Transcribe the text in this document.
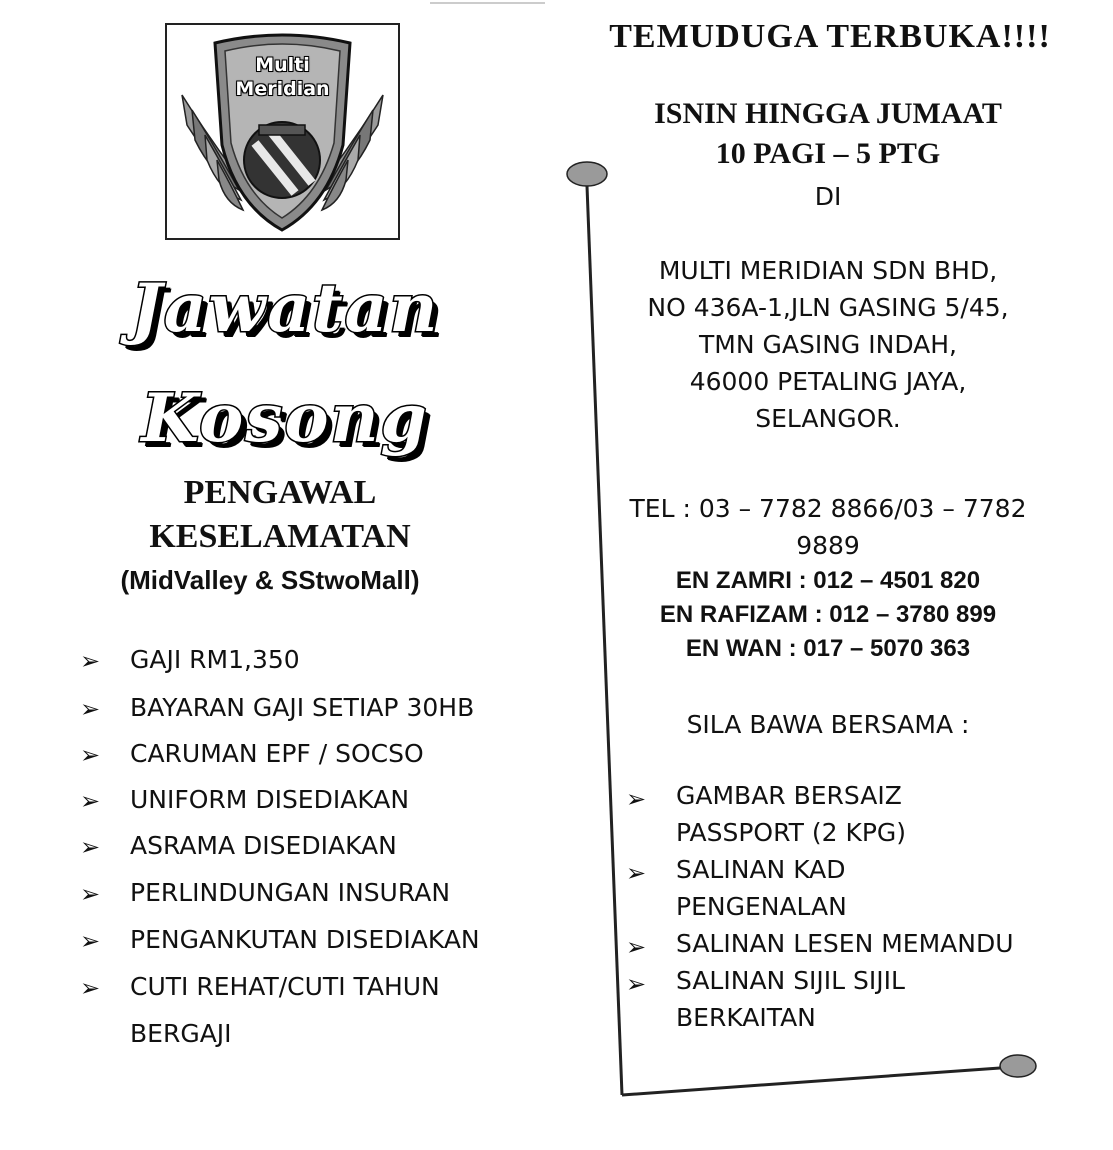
Multi
Meridian
Jawatan
Kosong
PENGAWAL
KESELAMATAN
(MidValley & SStwoMall)
➢ GAJI RM1,350
➢ BAYARAN GAJI SETIAP 30HB
➢ CARUMAN EPF / SOCSO
➢ UNIFORM DISEDIAKAN
➢ ASRAMA DISEDIAKAN
➢ PERLINDUNGAN INSURAN
➢ PENGANKUTAN DISEDIAKAN
➢ CUTI REHAT/CUTI TAHUN
BERGAJI
TEMUDUGA TERBUKA!!!!
ISNIN HINGGA JUMAAT
10 PAGI – 5 PTG
DI
MULTI MERIDIAN SDN BHD,
NO 436A-1,JLN GASING 5/45,
TMN GASING INDAH,
46000 PETALING JAYA,
SELANGOR.
TEL : 03 – 7782 8866/03 – 7782
9889
EN ZAMRI : 012 – 4501 820
EN RAFIZAM : 012 – 3780 899
EN WAN : 017 – 5070 363
SILA BAWA BERSAMA :
➢ GAMBAR BERSAIZ
PASSPORT (2 KPG)
➢ SALINAN KAD
PENGENALAN
➢ SALINAN LESEN MEMANDU
➢ SALINAN SIJIL SIJIL
BERKAITAN
